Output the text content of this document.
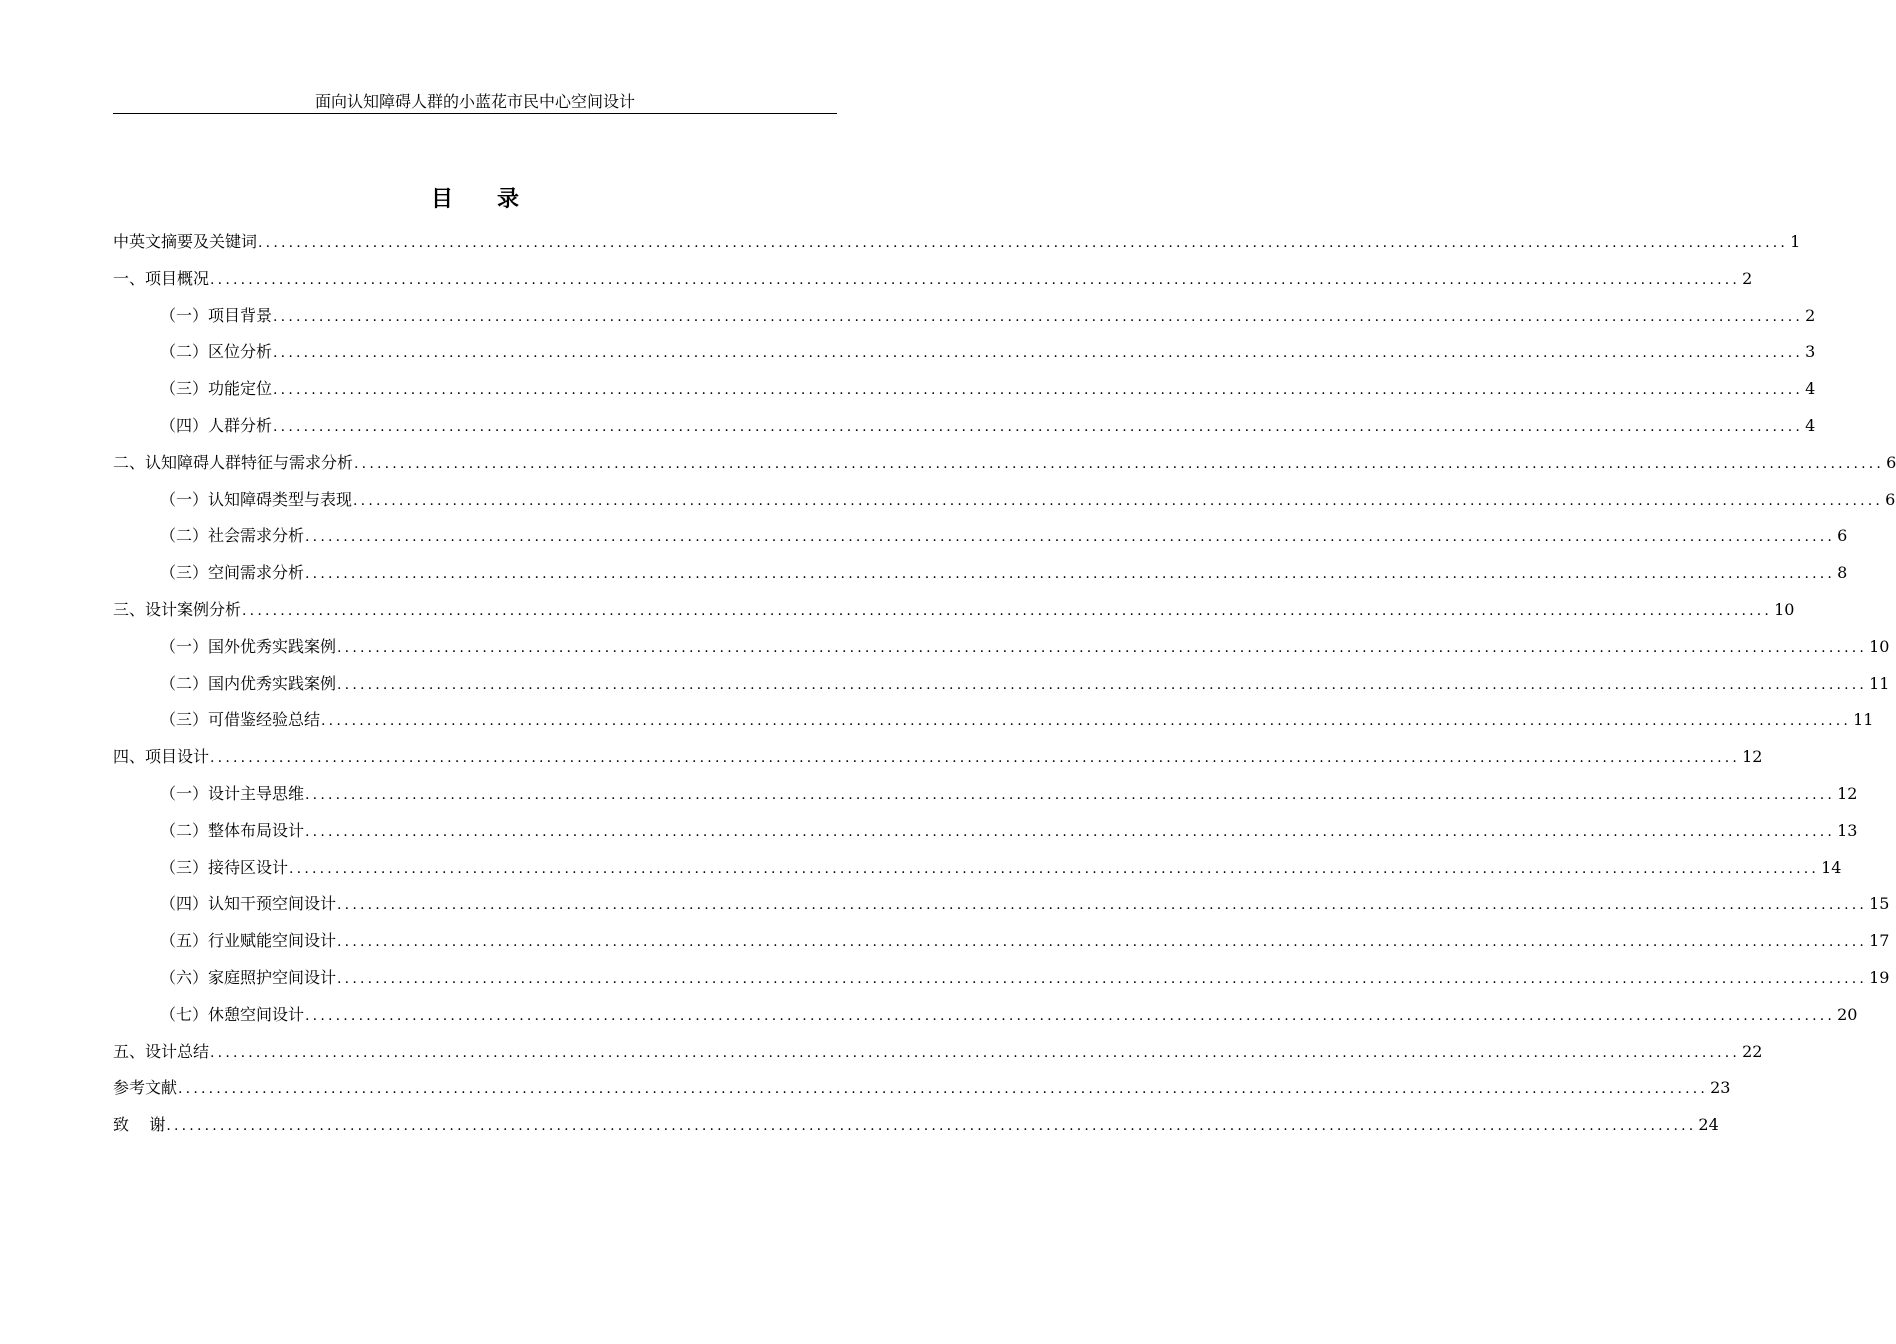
面向认知障碍人群的小蓝花市民中心空间设计
目录
中英文摘要及关键词 ........................................................................................................................................................................................................ 1
一、 项目概况 ........................................................................................................................................................................................................ 2
（一） 项目背景 ........................................................................................................................................................................................................ 2
（二） 区位分析 ........................................................................................................................................................................................................ 3
（三） 功能定位 ........................................................................................................................................................................................................ 4
（四） 人群分析 ........................................................................................................................................................................................................ 4
二、 认知障碍人群特征与需求分析 ........................................................................................................................................................................................................ 6
（一） 认知障碍类型与表现 ........................................................................................................................................................................................................ 6
（二） 社会需求分析 ........................................................................................................................................................................................................ 6
（三） 空间需求分析 ........................................................................................................................................................................................................ 8
三、 设计案例分析 ........................................................................................................................................................................................................ 10
（一） 国外优秀实践案例 ........................................................................................................................................................................................................ 10
（二） 国内优秀实践案例 ........................................................................................................................................................................................................ 11
（三） 可借鉴经验总结 ........................................................................................................................................................................................................ 11
四、 项目设计 ........................................................................................................................................................................................................ 12
（一） 设计主导思维 ........................................................................................................................................................................................................ 12
（二） 整体布局设计 ........................................................................................................................................................................................................ 13
（三） 接待区设计 ........................................................................................................................................................................................................ 14
（四） 认知干预空间设计 ........................................................................................................................................................................................................ 15
（五） 行业赋能空间设计 ........................................................................................................................................................................................................ 17
（六） 家庭照护空间设计 ........................................................................................................................................................................................................ 19
（七） 休憩空间设计 ........................................................................................................................................................................................................ 20
五、 设计总结 ........................................................................................................................................................................................................ 22
参考文献 ........................................................................................................................................................................................................ 23
致    谢 ........................................................................................................................................................................................................ 24
